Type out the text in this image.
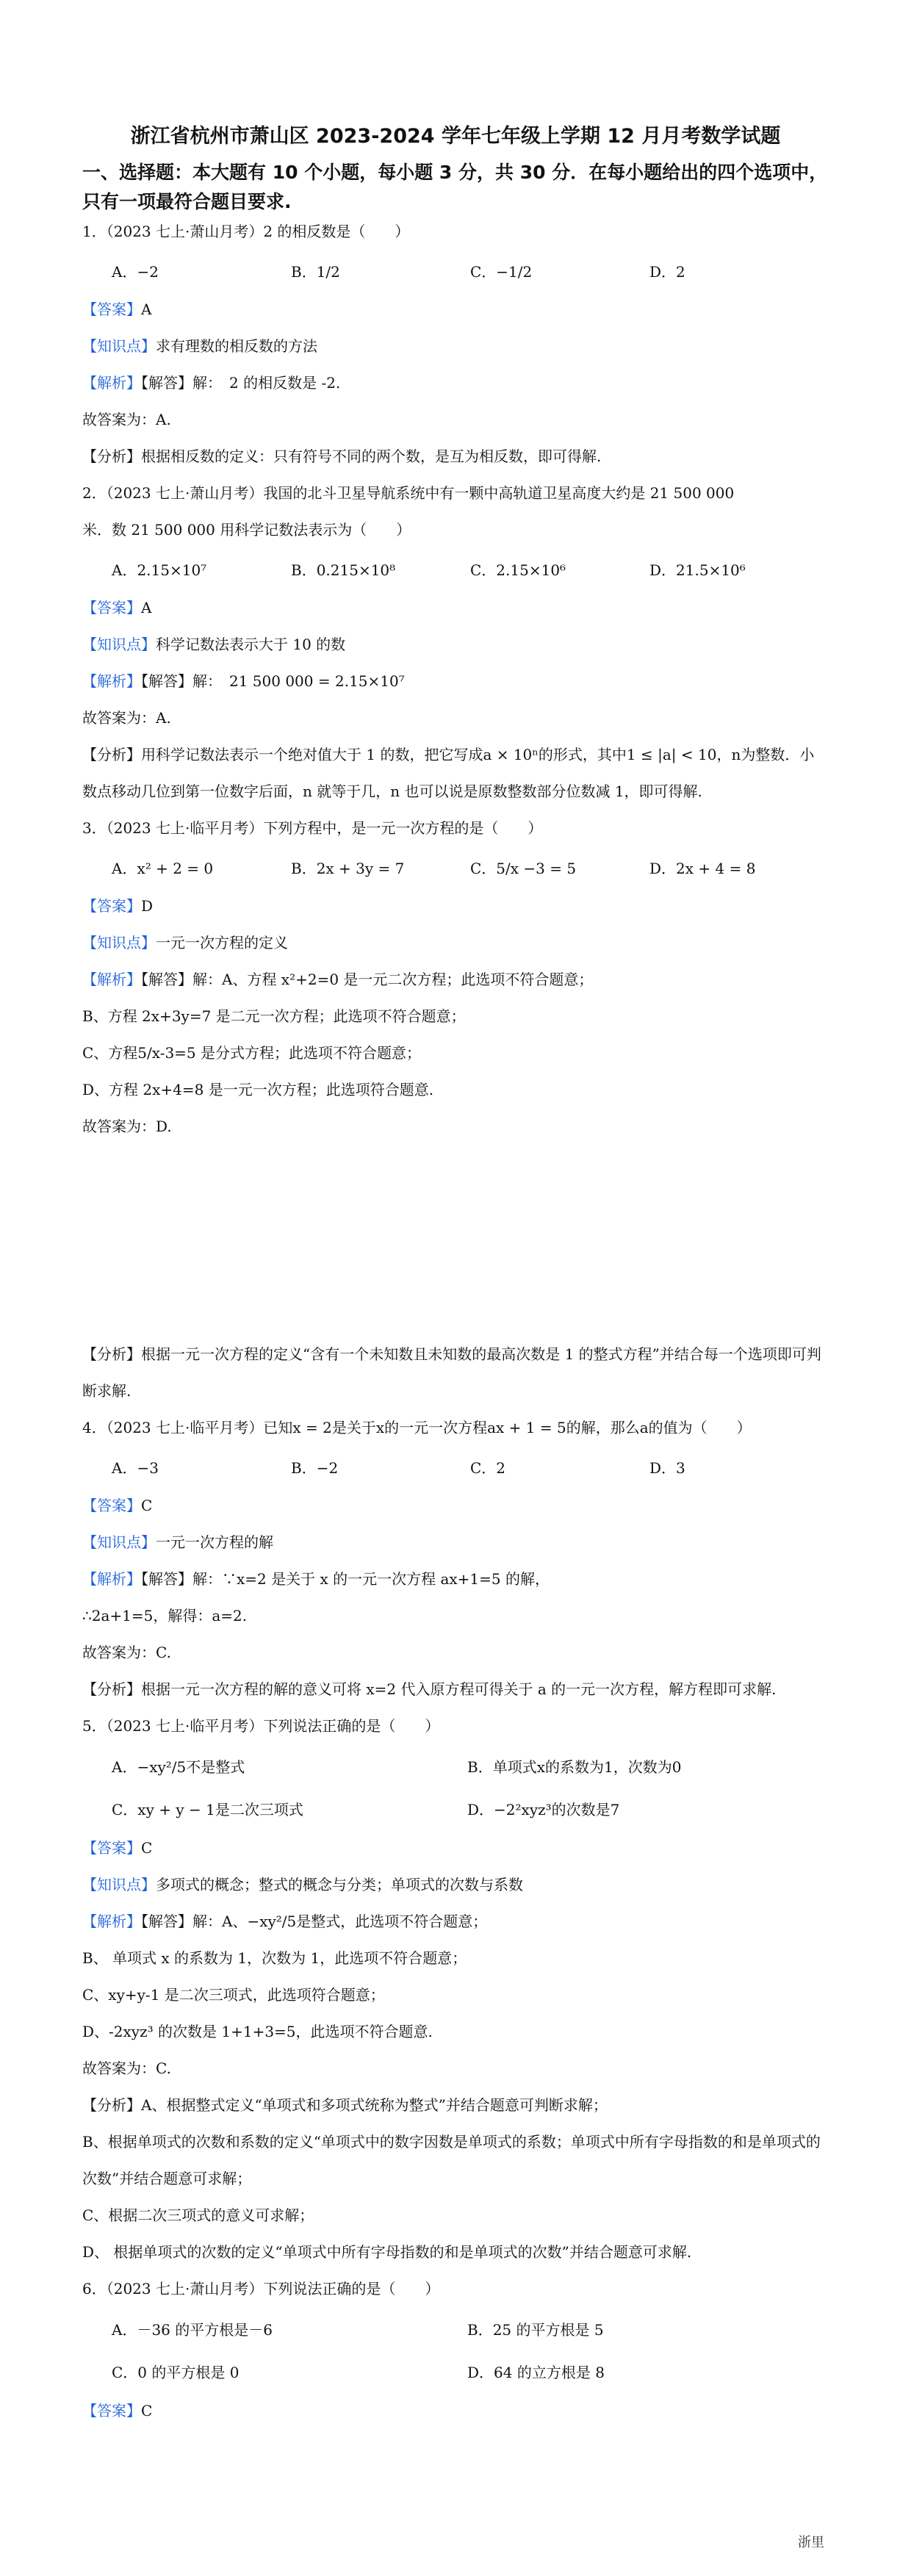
浙江省杭州市萧山区 2023-2024 学年七年级上学期 12 月月考数学试题
一、选择题：本大题有 10 个小题，每小题 3 分，共 30 分．在每小题给出的四个选项中，只有一项最符合题目要求.
1．（2023 七上·萧山月考）2 的相反数是（　　）
A．−2	B．1/2	C．−1/2	D．2
【答案】A
【知识点】求有理数的相反数的方法
【解析】【解答】解：　2 的相反数是 -2.
故答案为：A.
【分析】根据相反数的定义：只有符号不同的两个数，是互为相反数，即可得解.
2．（2023 七上·萧山月考）我国的北斗卫星导航系统中有一颗中高轨道卫星高度大约是 21 500 000
米．数 21 500 000 用科学记数法表示为（　　）
A．2.15×10⁷	B．0.215×10⁸	C．2.15×10⁶	D．21.5×10⁶
【答案】A
【知识点】科学记数法表示大于 10 的数
【解析】【解答】解：　21 500 000 = 2.15×10⁷
故答案为：A.
【分析】用科学记数法表示一个绝对值大于 1 的数，把它写成a × 10ⁿ的形式，其中1 ≤ |a| < 10，n为整数．小数点移动几位到第一位数字后面，n 就等于几，n 也可以说是原数整数部分位数减 1，即可得解.
3．（2023 七上·临平月考）下列方程中，是一元一次方程的是（　　）
A．x² + 2 = 0	B．2x + 3y = 7	C．5/x −3 = 5	D．2x + 4 = 8
【答案】D
【知识点】一元一次方程的定义
【解析】【解答】解：A、方程 x²+2=0 是一元二次方程；此选项不符合题意；
B、方程 2x+3y=7 是二元一次方程；此选项不符合题意；
C、方程5/x-3=5 是分式方程；此选项不符合题意；
D、方程 2x+4=8 是一元一次方程；此选项符合题意.
故答案为：D.
【分析】根据一元一次方程的定义“含有一个未知数且未知数的最高次数是 1 的整式方程”并结合每一个选项即可判断求解.
4．（2023 七上·临平月考）已知x = 2是关于x的一元一次方程ax + 1 = 5的解，那么a的值为（　　）
A．−3	B．−2	C．2	D．3
【答案】C
【知识点】一元一次方程的解
【解析】【解答】解：∵x=2 是关于 x 的一元一次方程 ax+1=5 的解，
∴2a+1=5，解得：a=2.
故答案为：C.
【分析】根据一元一次方程的解的意义可将 x=2 代入原方程可得关于 a 的一元一次方程，解方程即可求解.
5．（2023 七上·临平月考）下列说法正确的是（　　）
A．−xy²/5不是整式	B．单项式x的系数为1，次数为0
C．xy + y − 1是二次三项式	D．−2²xyz³的次数是7
【答案】C
【知识点】多项式的概念；整式的概念与分类；单项式的次数与系数
【解析】【解答】解：A、−xy²/5是整式，此选项不符合题意；
B、 单项式 x 的系数为 1，次数为 1，此选项不符合题意；
C、xy+y-1 是二次三项式，此选项符合题意；
D、-2xyz³ 的次数是 1+1+3=5，此选项不符合题意.
故答案为：C.
【分析】A、根据整式定义“单项式和多项式统称为整式”并结合题意可判断求解；
B、根据单项式的次数和系数的定义“单项式中的数字因数是单项式的系数；单项式中所有字母指数的和是单项式的次数”并结合题意可求解；
C、根据二次三项式的意义可求解；
D、 根据单项式的次数的定义“单项式中所有字母指数的和是单项式的次数”并结合题意可求解.
6．（2023 七上·萧山月考）下列说法正确的是（　　）
A．－36 的平方根是－6	B．25 的平方根是 5
C．0 的平方根是 0	D．64 的立方根是 8
【答案】C
浙里
